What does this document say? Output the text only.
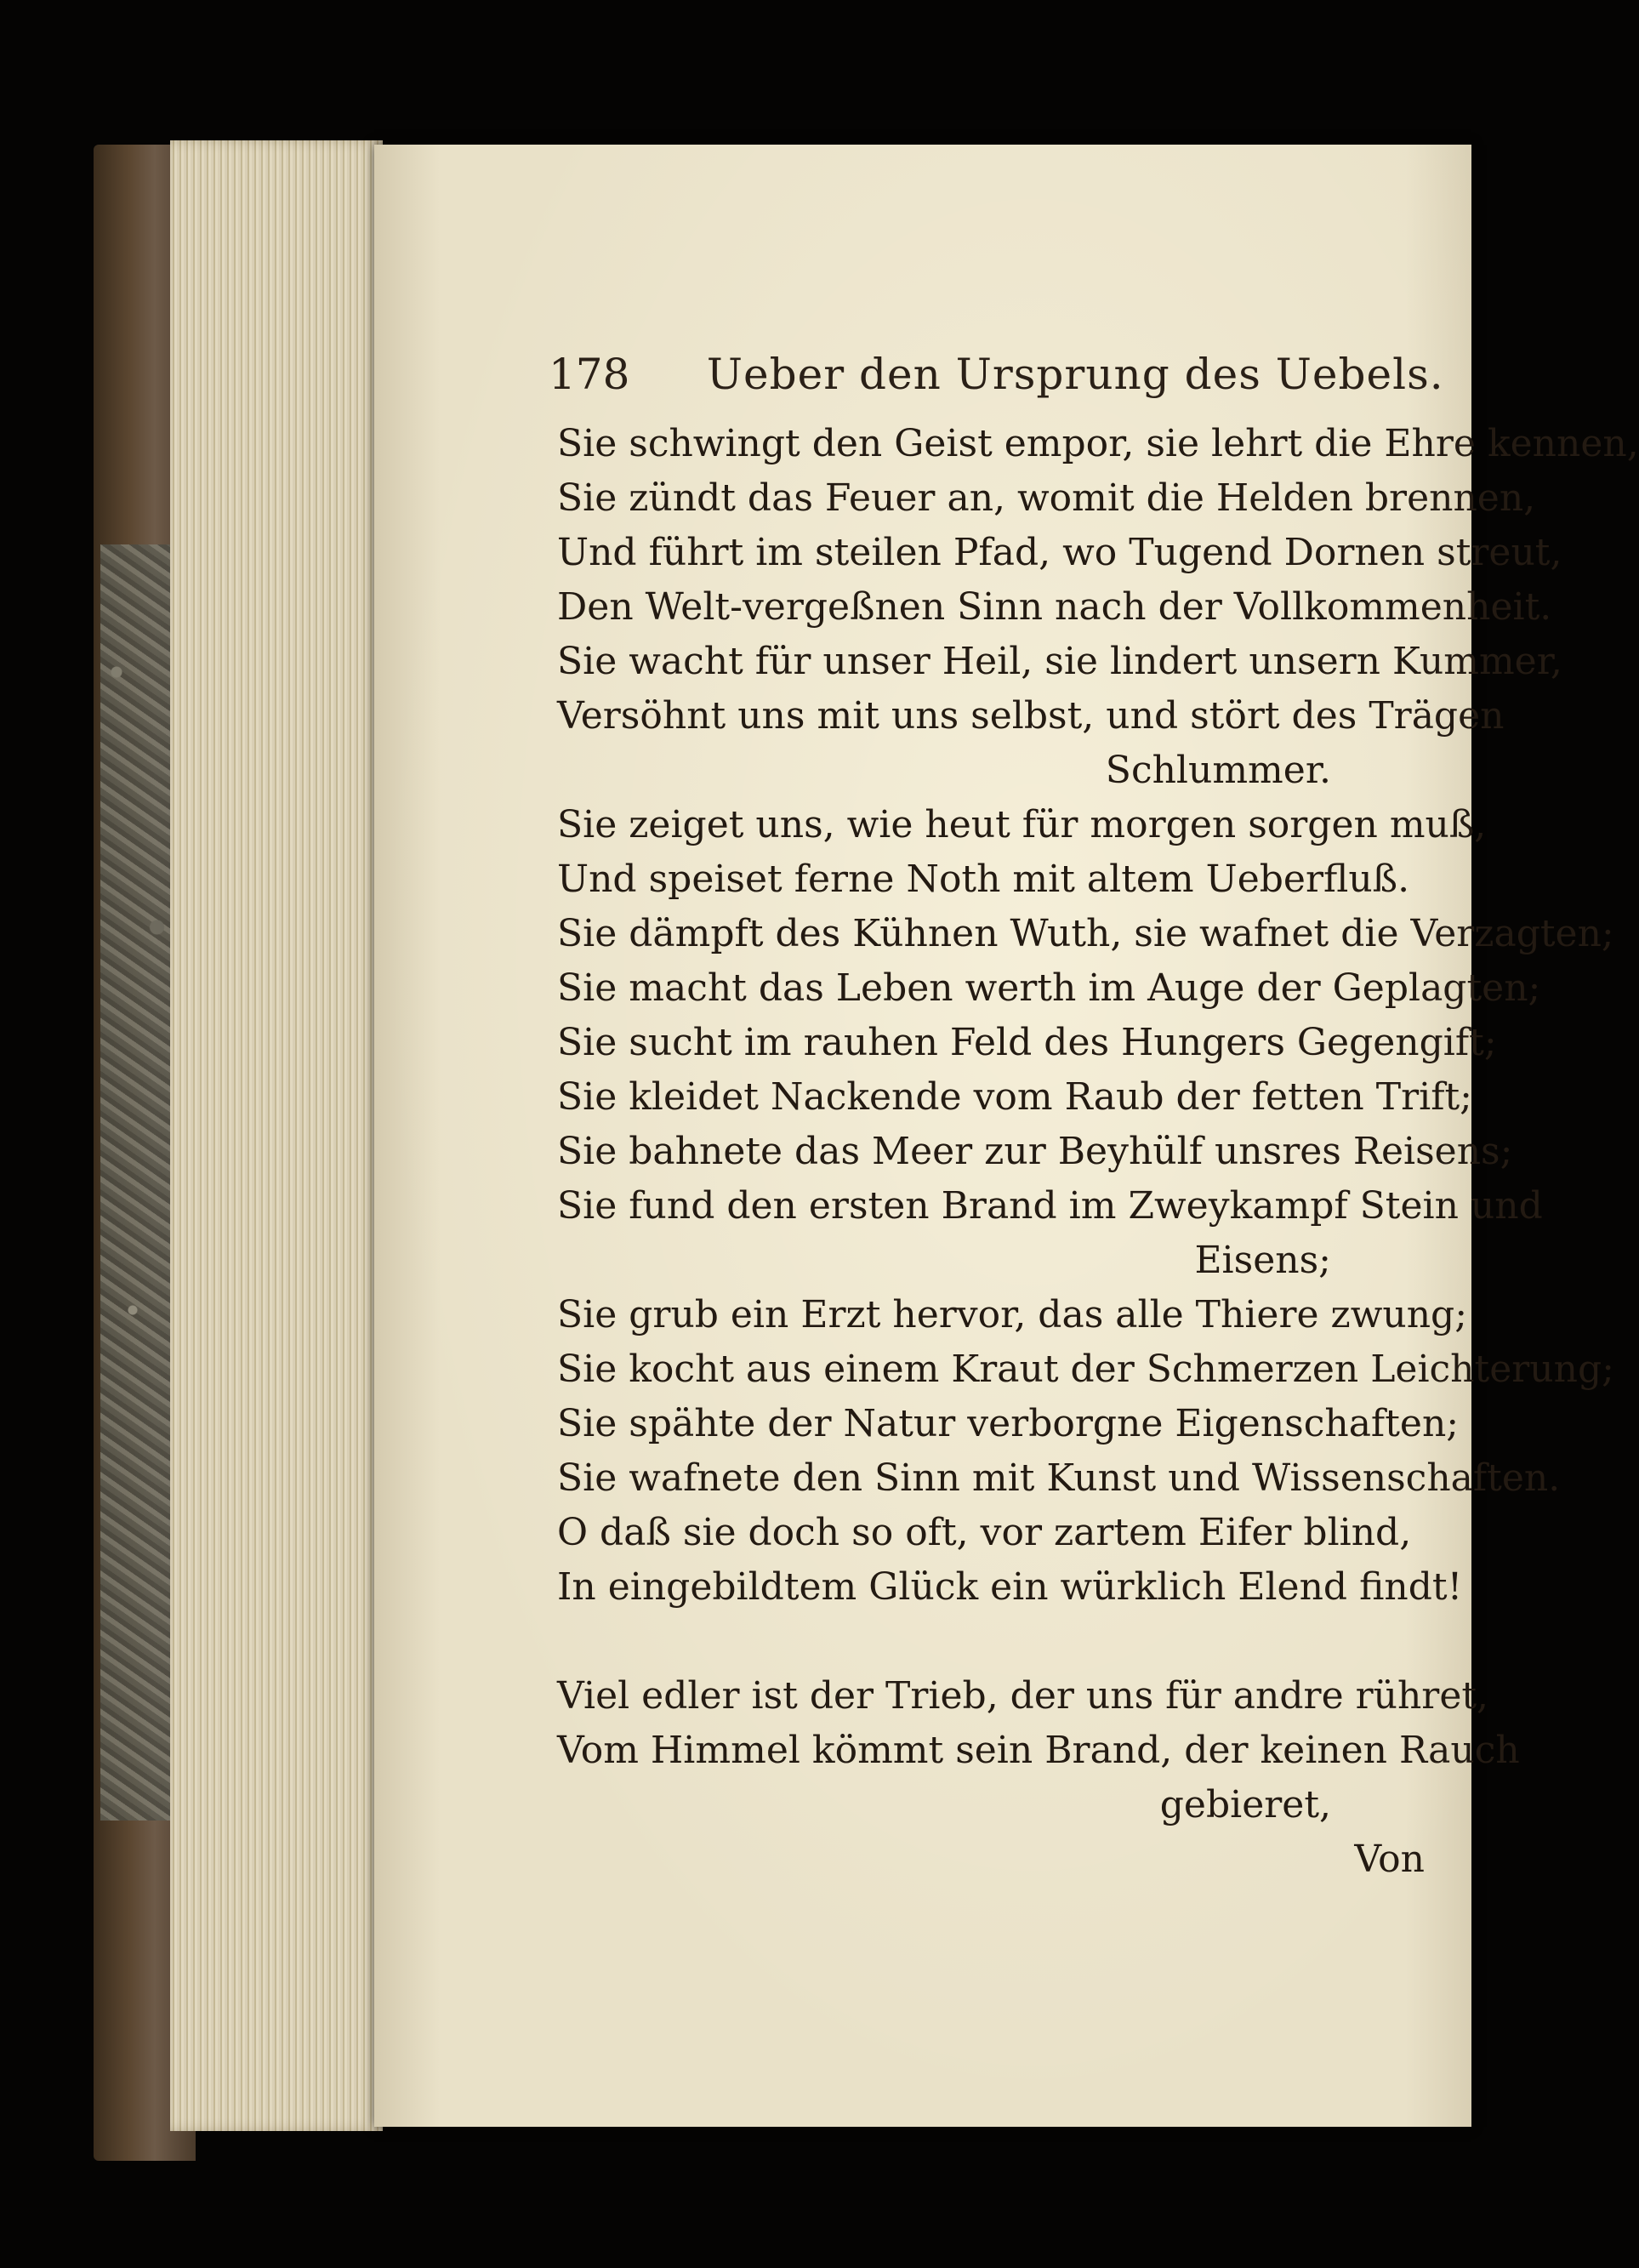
178 Ueber den Ursprung des Uebels.
Sie schwingt den Geist empor, sie lehrt die Ehre kennen,
Sie zündt das Feuer an, womit die Helden brennen,
Und führt im steilen Pfad, wo Tugend Dornen streut,
Den Welt-vergeßnen Sinn nach der Vollkommenheit.
Sie wacht für unser Heil, sie lindert unsern Kummer,
Versöhnt uns mit uns selbst, und stört des Trägen
Schlummer.
Sie zeiget uns, wie heut für morgen sorgen muß,
Und speiset ferne Noth mit altem Ueberfluß.
Sie dämpft des Kühnen Wuth, sie wafnet die Verzagten;
Sie macht das Leben werth im Auge der Geplagten;
Sie sucht im rauhen Feld des Hungers Gegengift;
Sie kleidet Nackende vom Raub der fetten Trift;
Sie bahnete das Meer zur Beyhülf unsres Reisens;
Sie fund den ersten Brand im Zweykampf Stein und
Eisens;
Sie grub ein Erzt hervor, das alle Thiere zwung;
Sie kocht aus einem Kraut der Schmerzen Leichterung;
Sie spähte der Natur verborgne Eigenschaften;
Sie wafnete den Sinn mit Kunst und Wissenschaften.
O daß sie doch so oft, vor zartem Eifer blind,
In eingebildtem Glück ein würklich Elend findt!
Viel edler ist der Trieb, der uns für andre rühret,
Vom Himmel kömmt sein Brand, der keinen Rauch
gebieret,
Von
